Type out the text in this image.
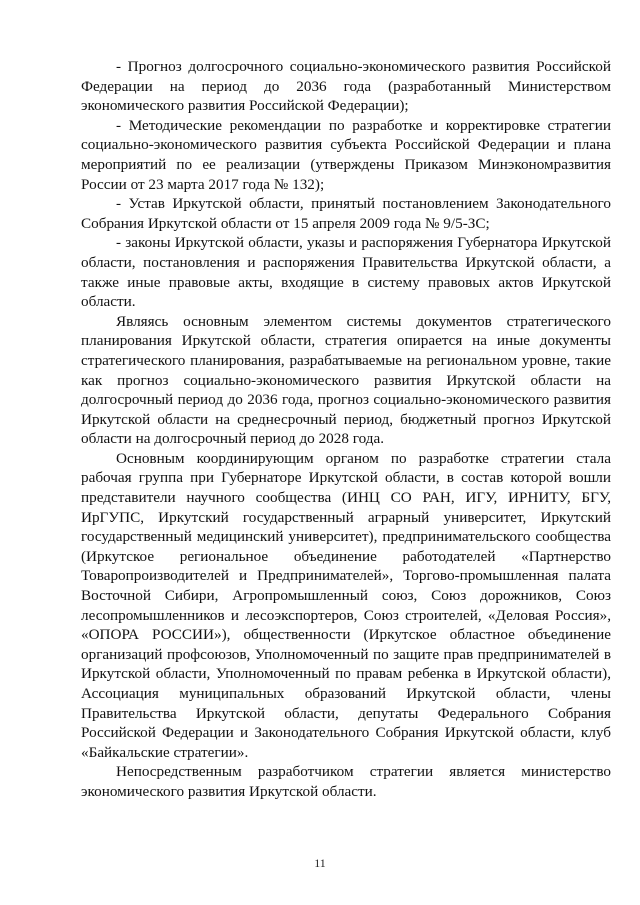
- Прогноз долгосрочного социально-экономического развития Российской Федерации на период до 2036 года (разработанный Министерством экономического развития Российской Федерации);

- Методические рекомендации по разработке и корректировке стратегии социально-экономического развития субъекта Российской Федерации и плана мероприятий по ее реализации (утверждены Приказом Минэкономразвития России от 23 марта 2017 года № 132);

- Устав Иркутской области, принятый постановлением Законодательного Собрания Иркутской области от 15 апреля 2009 года № 9/5-ЗС;

- законы Иркутской области, указы и распоряжения Губернатора Иркутской области, постановления и распоряжения Правительства Иркутской области, а также иные правовые акты, входящие в систему правовых актов Иркутской области.

Являясь основным элементом системы документов стратегического планирования Иркутской области, стратегия опирается на иные документы стратегического планирования, разрабатываемые на региональном уровне, такие как прогноз социально-экономического развития Иркутской области на долгосрочный период до 2036 года, прогноз социально-экономического развития Иркутской области на среднесрочный период, бюджетный прогноз Иркутской области на долгосрочный период до 2028 года.

Основным координирующим органом по разработке стратегии стала рабочая группа при Губернаторе Иркутской области, в состав которой вошли представители научного сообщества (ИНЦ СО РАН, ИГУ, ИРНИТУ, БГУ, ИрГУПС, Иркутский государственный аграрный университет, Иркутский государственный медицинский университет), предпринимательского сообщества (Иркутское региональное объединение работодателей «Партнерство Товаропроизводителей и Предпринимателей», Торгово-промышленная палата Восточной Сибири, Агропромышленный союз, Союз дорожников, Союз лесопромышленников и лесоэкспортеров, Союз строителей, «Деловая Россия», «ОПОРА РОССИИ»), общественности (Иркутское областное объединение организаций профсоюзов, Уполномоченный по защите прав предпринимателей в Иркутской области, Уполномоченный по правам ребенка в Иркутской области), Ассоциация муниципальных образований Иркутской области, члены Правительства Иркутской области, депутаты Федерального Собрания Российской Федерации и Законодательного Собрания Иркутской области, клуб «Байкальские стратегии».

Непосредственным разработчиком стратегии является министерство экономического развития Иркутской области.

11
